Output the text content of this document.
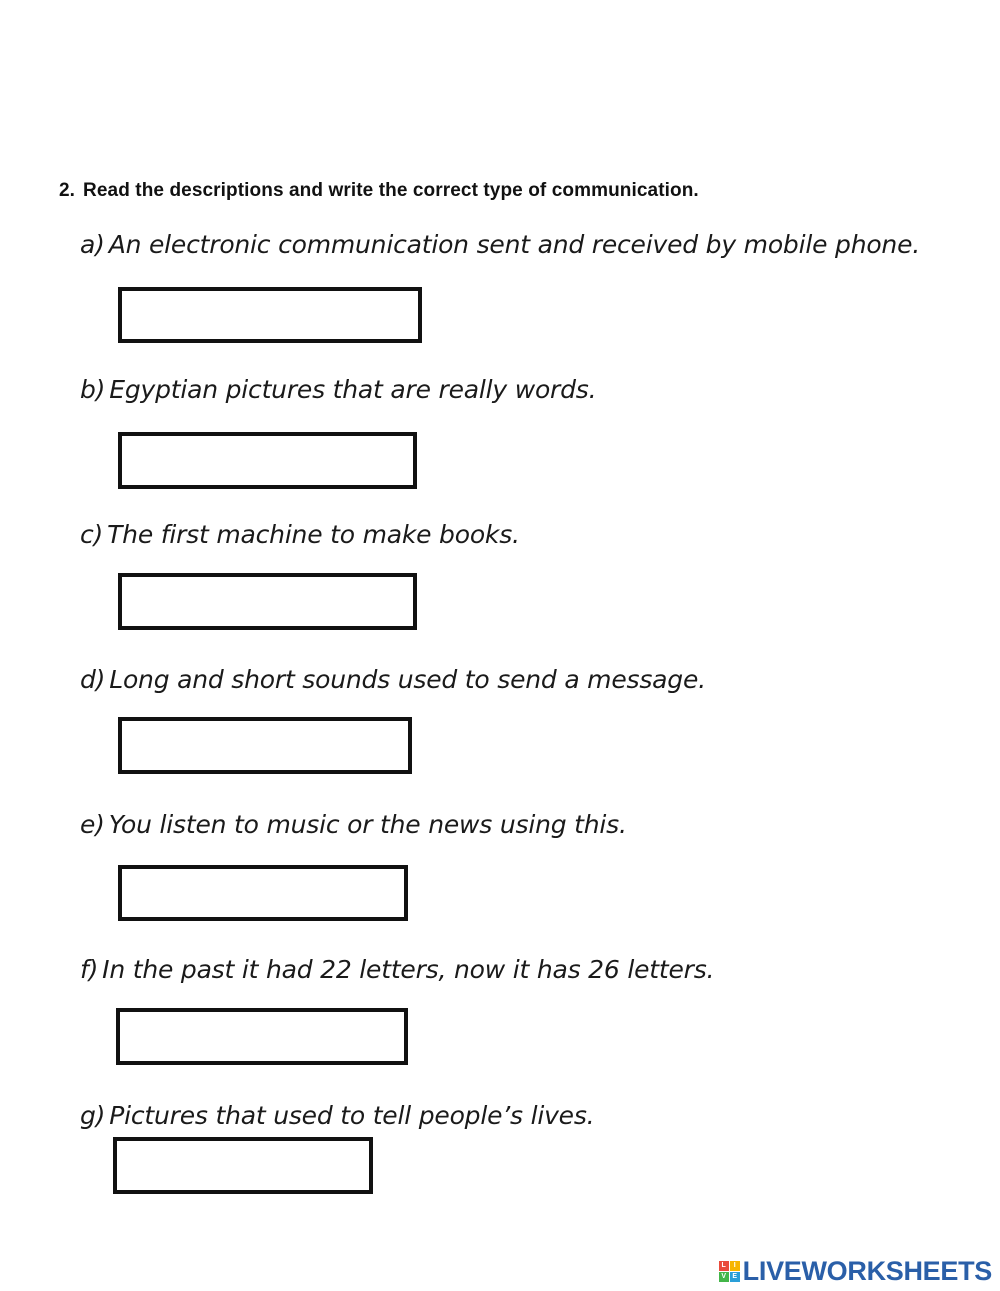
2. Read the descriptions and write the correct type of communication.
a) An electronic communication sent and received by mobile phone.
b) Egyptian pictures that are really words.
c) The first machine to make books.
d) Long and short sounds used to send a message.
e) You listen to music or the news using this.
f) In the past it had 22 letters, now it has 26 letters.
g) Pictures that used to tell people’s lives.
L	I
V E LIVEWORKSHEETS
